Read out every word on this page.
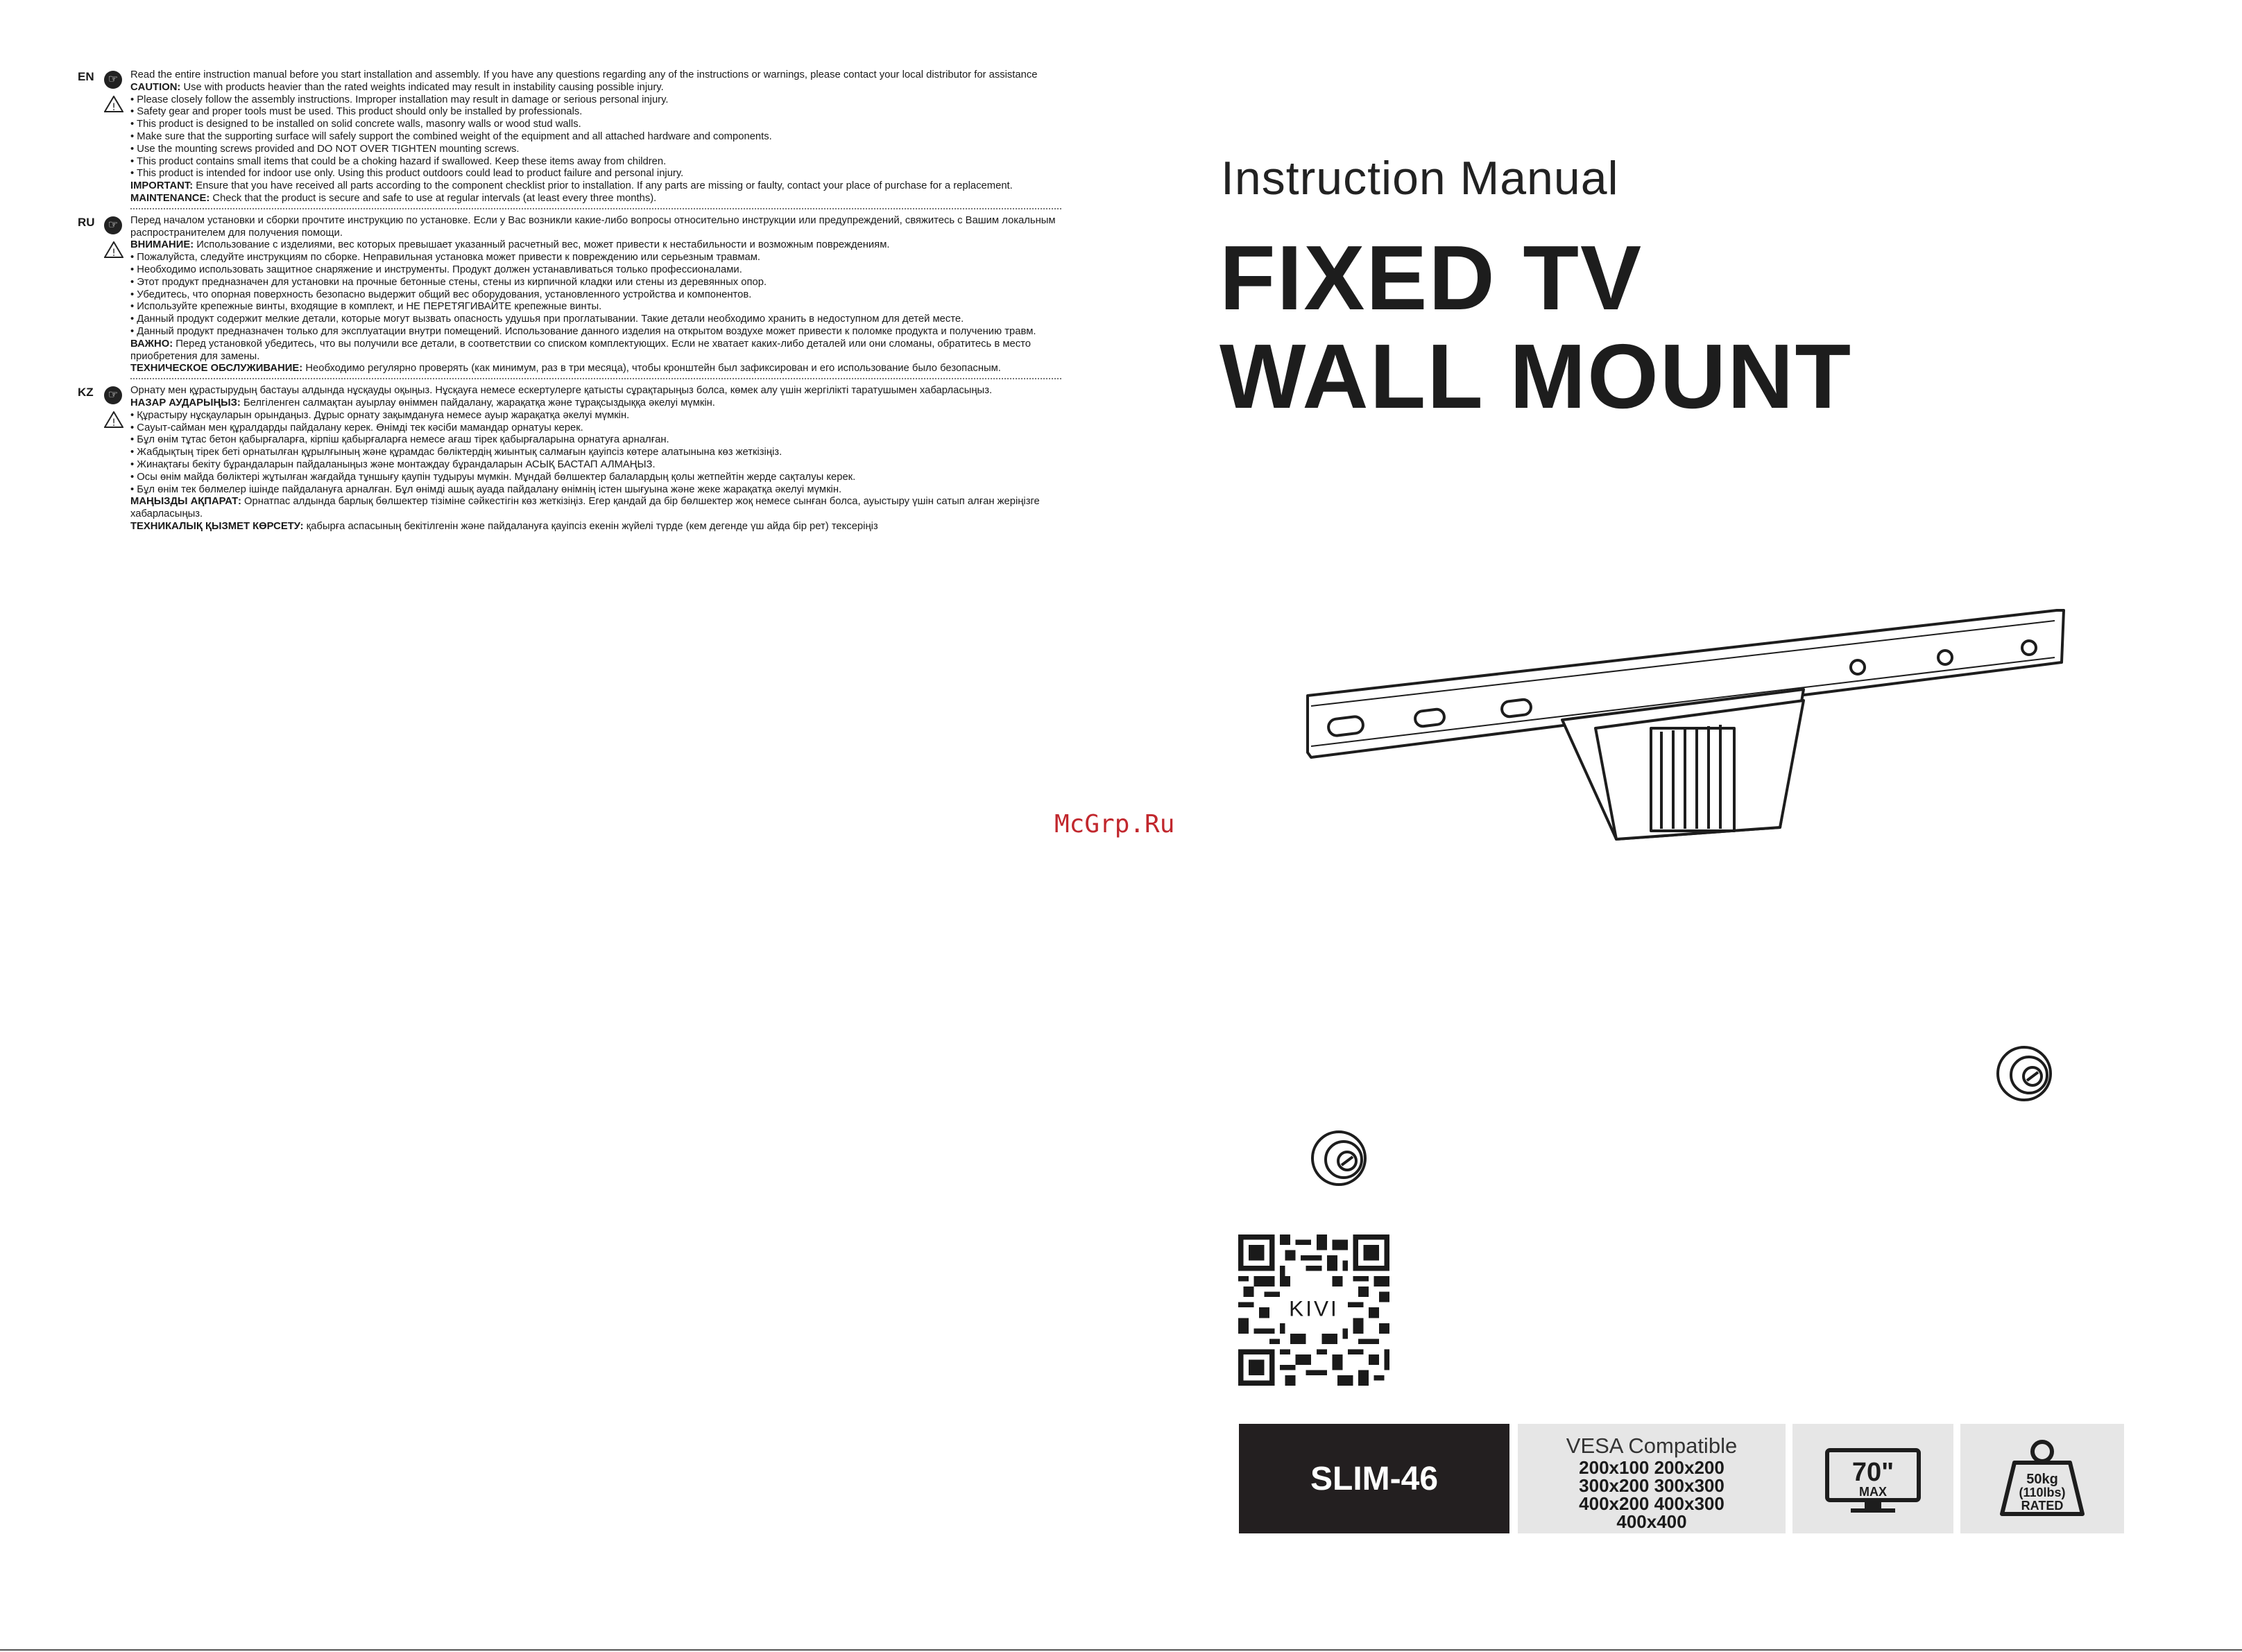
EN	☞
!

Read the entire instruction manual before you start installation and assembly. If you have any questions regarding any of the instructions or warnings, please contact your local distributor for assistance

CAUTION: Use with products heavier than the rated weights indicated may result in instability causing possible injury.

• Please closely follow the assembly instructions. Improper installation may result in damage or serious personal injury.

• Safety gear and proper tools must be used. This product should only be installed by professionals.

• This product is designed to be installed on solid concrete walls, masonry walls or wood stud walls.

• Make sure that the supporting surface will safely support the combined weight of the equipment and all attached hardware and components.

• Use the mounting screws provided and DO NOT OVER TIGHTEN mounting screws.

• This product contains small items that could be a choking hazard if swallowed. Keep these items away from children.

• This product is intended for indoor use only. Using this product outdoors could lead to product failure and personal injury.

IMPORTANT: Ensure that you have received all parts according to the component checklist prior to installation. If any parts are missing or faulty, contact your place of purchase for a replacement.

MAINTENANCE: Check that the product is secure and safe to use at regular intervals (at least every three months).

RU	☞
!

Перед началом установки и сборки прочтите инструкцию по установке. Если у Вас возникли какие-либо вопросы относительно инструкции или предупреждений, свяжитесь с Вашим локальным распространителем для получения помощи.

ВНИМАНИЕ: Использование с изделиями, вес которых превышает указанный расчетный вес, может привести к нестабильности и возможным повреждениям.

• Пожалуйста, следуйте инструкциям по сборке. Неправильная установка может привести к повреждению или серьезным травмам.

• Необходимо использовать защитное снаряжение и инструменты. Продукт должен устанавливаться только профессионалами.

• Этот продукт предназначен для установки на прочные бетонные стены, стены из кирпичной кладки или стены из деревянных опор.

• Убедитесь, что опорная поверхность безопасно выдержит общий вес оборудования, установленного устройства и компонентов.

• Используйте крепежные винты, входящие в комплект, и НЕ ПЕРЕТЯГИВАЙТЕ крепежные винты.

• Данный продукт содержит мелкие детали, которые могут вызвать опасность удушья при проглатывании. Такие детали необходимо хранить в недоступном для детей месте.

• Данный продукт предназначен только для эксплуатации внутри помещений. Использование данного изделия на открытом воздухе может привести к поломке продукта и получению травм.

ВАЖНО: Перед установкой убедитесь, что вы получили все детали, в соответствии со списком комплектующих. Если не хватает каких-либо деталей или они сломаны, обратитесь в место приобретения для замены.

ТЕХНИЧЕСКОЕ ОБСЛУЖИВАНИЕ: Необходимо регулярно проверять (как минимум, раз в три месяца), чтобы кронштейн был зафиксирован и его использование было безопасным.

KZ	☞
!

Орнату мен құрастырудың бастауы алдында нұсқауды оқыңыз. Нұсқауға немесе ескертулерге қатысты сұрақтарыңыз болса, көмек алу үшін жергілікті таратушымен хабарласыңыз.

НАЗАР АУДАРЫҢЫЗ: Белгіленген салмақтан ауырлау өніммен пайдалану, жарақатқа және тұрақсыздыққа әкелуі мүмкін.

• Құрастыру нұсқауларын орындаңыз. Дұрыс орнату зақымдануға немесе ауыр жарақатқа әкелуі мүмкін.

• Сауыт-сайман мен құралдарды пайдалану керек. Өнімді тек кәсіби мамандар орнатуы керек.

• Бұл өнім тұтас бетон қабырғаларға, кірпіш қабырғаларға немесе ағаш тірек қабырғаларына орнатуға арналған.

• Жабдықтың тірек беті орнатылған құрылғының және құрамдас бөліктердің жиынтық салмағын қауіпсіз көтере алатынына көз жеткізіңіз.

• Жинақтағы бекіту бұрандаларын пайдаланыңыз және монтаждау бұрандаларын АСЫҚ БАСТАП АЛМАҢЫЗ.

• Осы өнім майда бөліктері жұтылған жағдайда тұншығу қаупін тудыруы мүмкін. Мұндай бөлшектер балалардың қолы жетпейтін жерде сақталуы керек.

• Бұл өнім тек бөлмелер ішінде пайдалануға арналған. Бұл өнімді ашық ауада пайдалану өнімнің істен шығуына және жеке жарақатқа әкелуі мүмкін.

МАҢЫЗДЫ АҚПАРАТ: Орнатпас алдында барлық бөлшектер тізіміне сәйкестігін көз жеткізіңіз. Егер қандай да бір бөлшектер жоқ немесе сынған болса, ауыстыру үшін сатып алған жеріңізге хабарласыңыз.

ТЕХНИКАЛЫҚ ҚЫЗМЕТ КӨРСЕТУ: қабырға аспасының бекітілгенін және пайдалануға қауіпсіз екенін жүйелі түрде (кем дегенде үш айда бір рет) тексеріңіз

McGrp.Ru
Instruction Manual
FIXED TV
WALL MOUNT
KIVI
SLIM-46
VESA Compatible
200x100 200x200
300x200 300x300
400x200 400x300
400x400
70"
MAX
50kg
(110lbs)
RATED
